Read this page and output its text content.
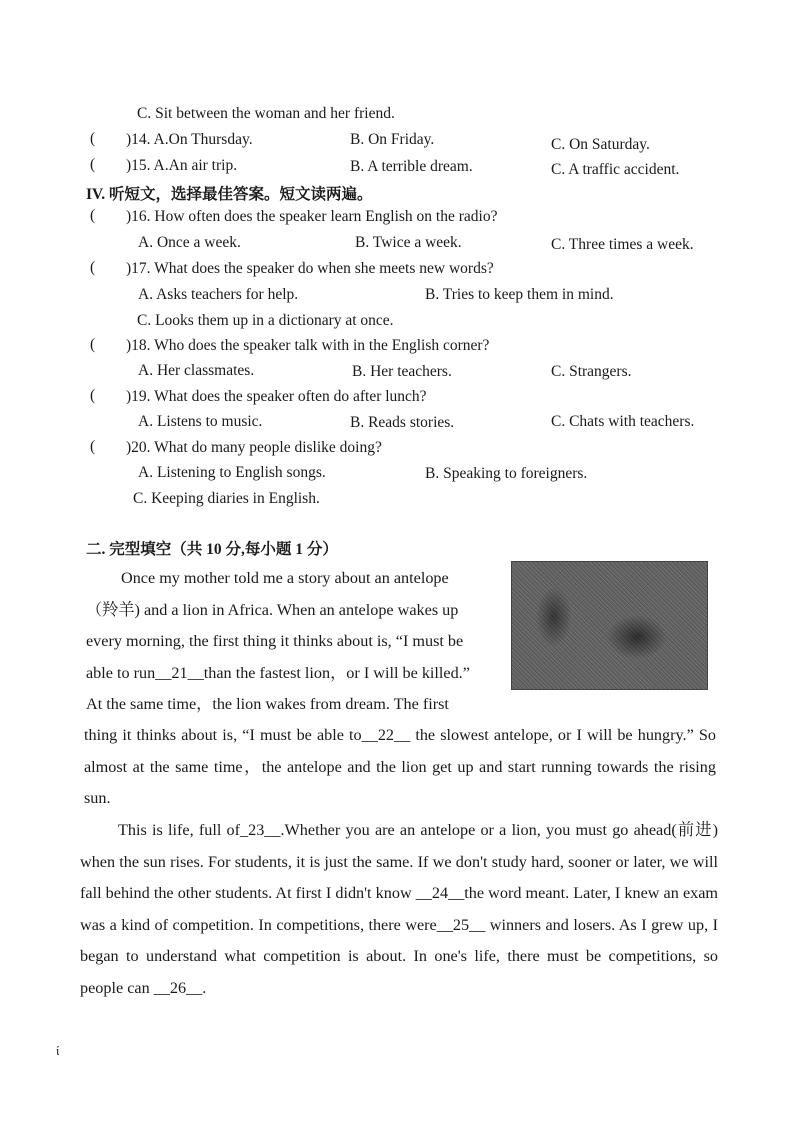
C. Sit between the woman and her friend.
( )14. A.On Thursday.	B. On Friday.	C. On Saturday.
( )15. A.An air trip.	B. A terrible dream.	C. A traffic accident.
IV. 听短文，选择最佳答案。短文读两遍。
( )16. How often does the speaker learn English on the radio?
A. Once a week.	B. Twice a week.	C. Three times a week.
( )17. What does the speaker do when she meets new words?
A. Asks teachers for help.	B. Tries to keep them in mind.
C. Looks them up in a dictionary at once.
( )18. Who does the speaker talk with in the English corner?
A. Her classmates.	B. Her teachers.	C. Strangers.
( )19. What does the speaker often do after lunch?
A. Listens to music.	B. Reads stories.	C. Chats with teachers.
( )20. What do many people dislike doing?
A. Listening to English songs.	B. Speaking to foreigners.
C. Keeping diaries in English.
二. 完型填空（共 10 分,每小题 1 分）
Once my mother told me a story about an antelope
（羚羊) and a lion in Africa. When an antelope wakes up
every morning, the first thing it thinks about is, “I must be
able to run__21__than the fastest lion，or I will be killed.”
At the same time，the lion wakes from dream. The first
thing it thinks about is, “I must be able to__22__ the slowest antelope, or I will be hungry.” So almost at the same time，the antelope and the lion get up and start running towards the rising sun.
This is life, full of_23__.Whether you are an antelope or a lion, you must go ahead(前进) when the sun rises. For students, it is just the same. If we don't study hard, sooner or later, we will fall behind the other students. At first I didn't know __24__the word meant. Later, I knew an exam was a kind of competition. In competitions, there were__25__ winners and losers. As I grew up, I began to understand what competition is about. In one's life, there must be competitions, so people can __26__.
ί
